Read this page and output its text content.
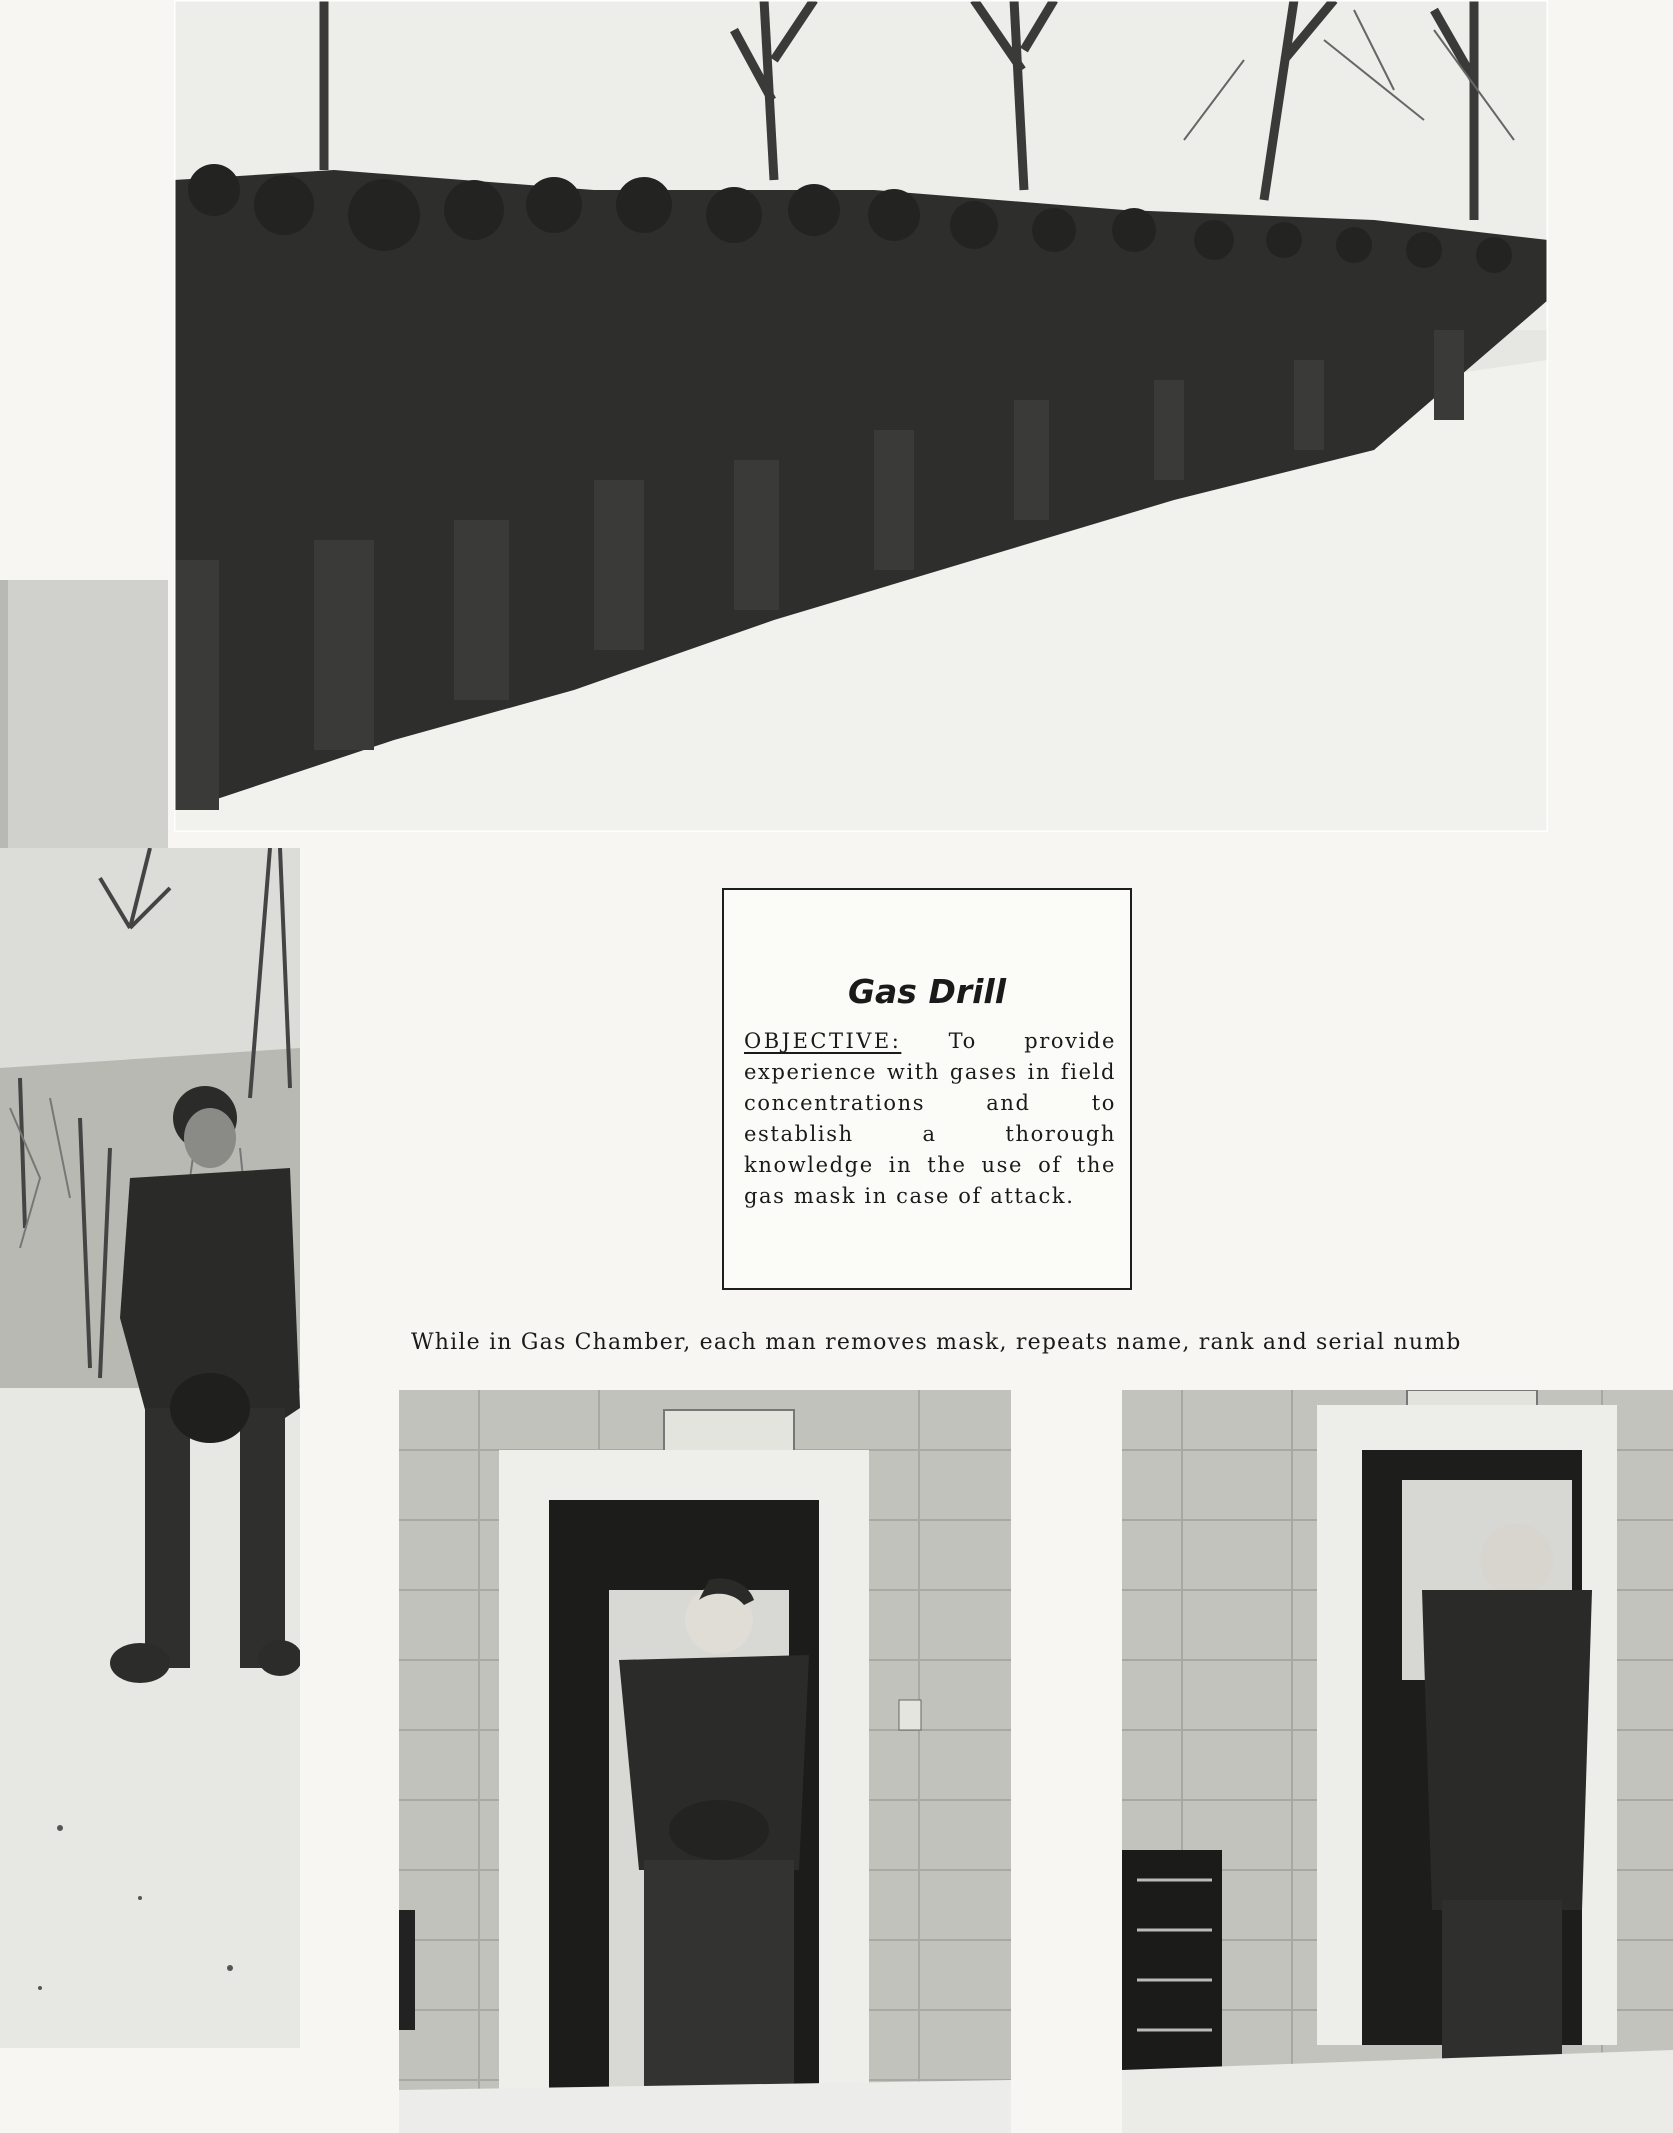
Gas Drill
OBJECTIVE: To provide experience with gases in field concentrations and to establish a thorough knowledge in the use of the gas mask in case of attack.
While in Gas Chamber, each man removes mask, repeats name, rank and serial numb
